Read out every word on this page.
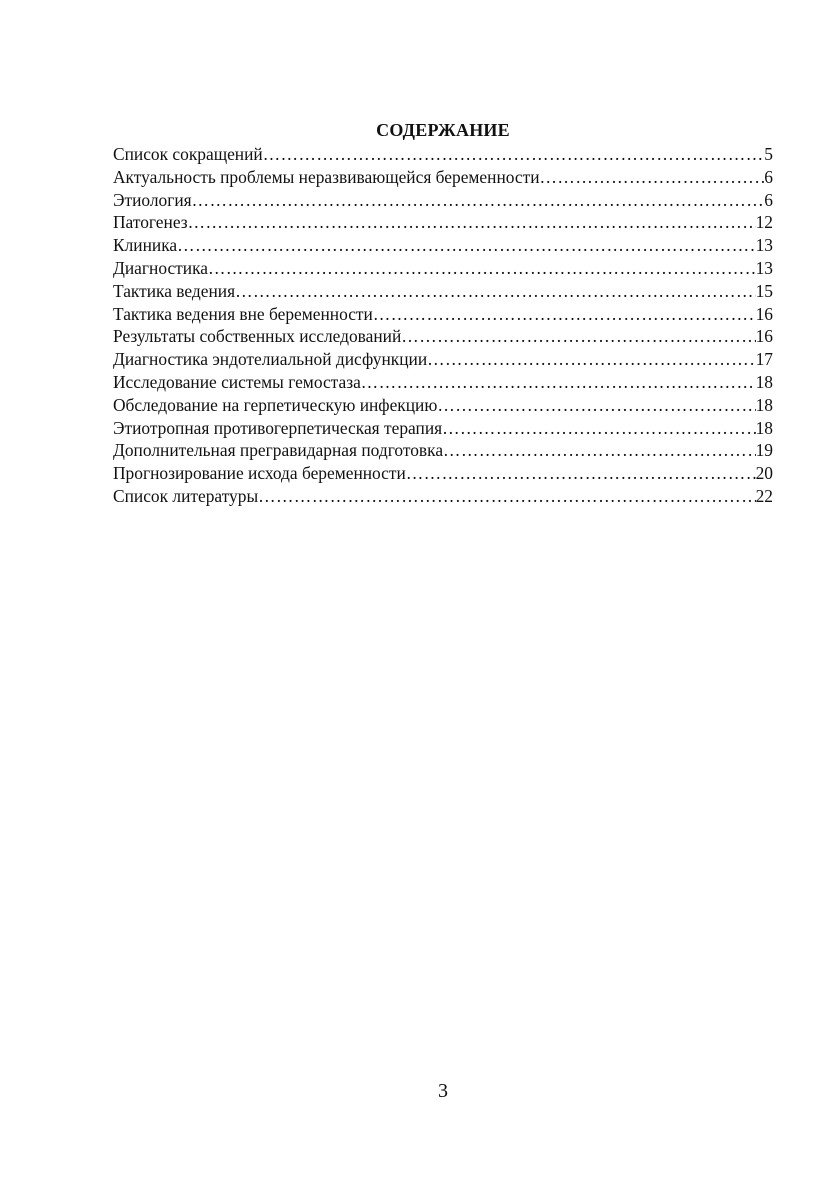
СОДЕРЖАНИЕ
Список сокращений ……………………………………………………………………………………………………………………………………………………	5
Актуальность проблемы неразвивающейся беременности ……………………………………………………………………………………………………………………………………………………	6
Этиология ……………………………………………………………………………………………………………………………………………………	6
Патогенез ……………………………………………………………………………………………………………………………………………………	12
Клиника ……………………………………………………………………………………………………………………………………………………	13
Диагностика ……………………………………………………………………………………………………………………………………………………	13
Тактика ведения ……………………………………………………………………………………………………………………………………………………	15
Тактика ведения вне беременности ……………………………………………………………………………………………………………………………………………………	16
Результаты собственных исследований ……………………………………………………………………………………………………………………………………………………	16
Диагностика эндотелиальной дисфункции ……………………………………………………………………………………………………………………………………………………	17
Исследование системы гемостаза ……………………………………………………………………………………………………………………………………………………	18
Обследование на герпетическую инфекцию ……………………………………………………………………………………………………………………………………………………	18
Этиотропная противогерпетическая терапия ……………………………………………………………………………………………………………………………………………………	18
Дополнительная прегравидарная подготовка ……………………………………………………………………………………………………………………………………………………	19
Прогнозирование исхода беременности ……………………………………………………………………………………………………………………………………………………	20
Список литературы ……………………………………………………………………………………………………………………………………………………	22
3
